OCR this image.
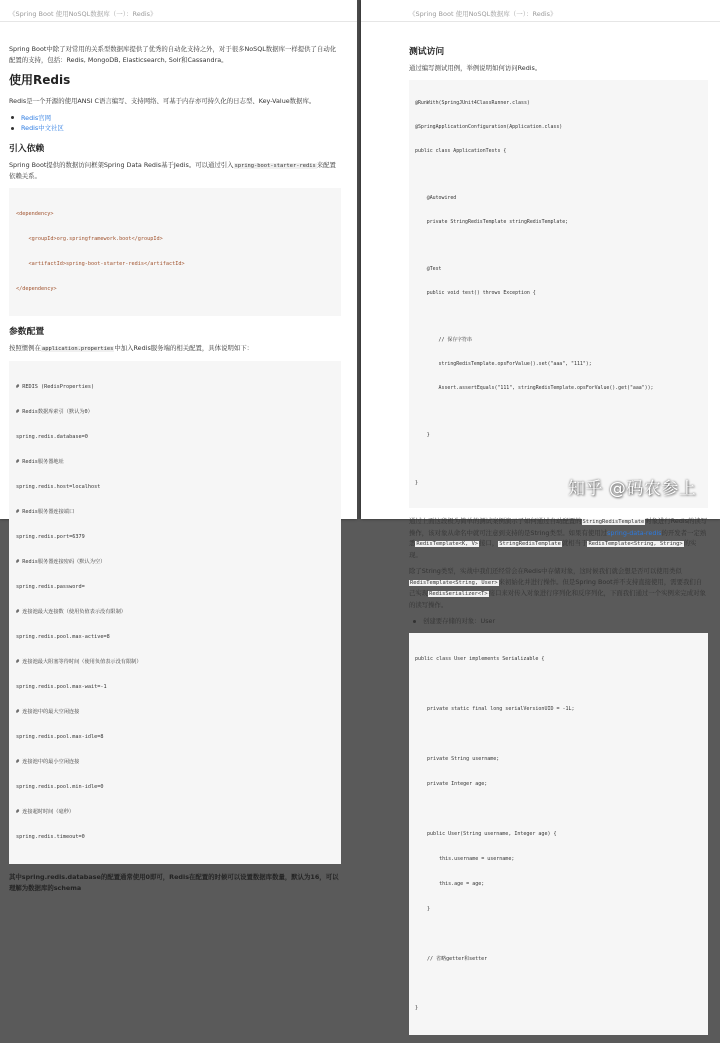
《Spring Boot 使用NoSQL数据库（一）：Redis》
Spring Boot中除了对常用的关系型数据库提供了优秀的自动化支持之外，对于很多NoSQL数据库一样提供了自动化配置的支持，包括：Redis, MongoDB, Elasticsearch, Solr和Cassandra。
使用Redis
Redis是一个开源的使用ANSI C语言编写、支持网络、可基于内存亦可持久化的日志型、Key-Value数据库。
Redis官网
Redis中文社区
引入依赖
Spring Boot提供的数据访问框架Spring Data Redis基于Jedis。可以通过引入spring-boot-starter-redis来配置依赖关系。

<dependency>

<groupId>org.springframework.boot</groupId>

<artifactId>spring-boot-starter-redis</artifactId>

</dependency>

参数配置
按照惯例在application.properties中加入Redis服务端的相关配置，具体说明如下：

# REDIS (RedisProperties)

# Redis数据库索引（默认为0）

spring.redis.database=0

# Redis服务器地址

spring.redis.host=localhost

# Redis服务器连接端口

spring.redis.port=6379

# Redis服务器连接密码（默认为空）

spring.redis.password=

# 连接池最大连接数（使用负值表示没有限制）

spring.redis.pool.max-active=8

# 连接池最大阻塞等待时间（使用负值表示没有限制）

spring.redis.pool.max-wait=-1

# 连接池中的最大空闲连接

spring.redis.pool.max-idle=8

# 连接池中的最小空闲连接

spring.redis.pool.min-idle=0

# 连接超时时间（毫秒）

spring.redis.timeout=0

其中spring.redis.database的配置通常使用0即可，Redis在配置的时候可以设置数据库数量，默认为16，可以理解为数据库的schema
《Spring Boot 使用NoSQL数据库（一）：Redis》
测试访问
通过编写测试用例，举例说明如何访问Redis。

@RunWith(SpringJUnit4ClassRunner.class)

@SpringApplicationConfiguration(Application.class)

public class ApplicationTests {

@Autowired

private StringRedisTemplate stringRedisTemplate;

@Test

public void test() throws Exception {

// 保存字符串

stringRedisTemplate.opsForValue().set("aaa", "111");

Assert.assertEquals("111", stringRedisTemplate.opsForValue().get("aaa"));

}

}

通过上面这段极为简单的测试案例演示了如何通过自动配置的StringRedisTemplate对象进行Redis的读写操作，该对象从命名中就可注意到支持的是String类型。如果有使用过spring-data-redis的开发者一定熟悉RedisTemplate<K, V>接口，StringRedisTemplate就相当于RedisTemplate<String, String>的实现。
除了String类型，实战中我们还经常会在Redis中存储对象，这时候我们就会想是否可以使用类似RedisTemplate<String, User>来初始化并进行操作。但是Spring Boot并不支持直接使用，需要我们自己实现RedisSerializer<T>接口来对传入对象进行序列化和反序列化，下面我们通过一个实例来完成对象的读写操作。
创建要存储的对象：User

public class User implements Serializable {

private static final long serialVersionUID = -1L;

private String username;

private Integer age;

public User(String username, Integer age) {

this.username = username;

this.age = age;

}

// 省略getter和setter

}

知乎 @码农参上
